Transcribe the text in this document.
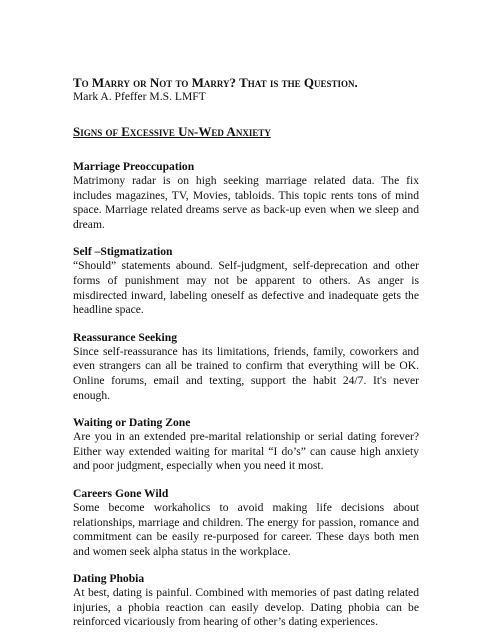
To Marry or Not to Marry? That is the Question.

Mark A. Pfeffer M.S. LMFT

Signs of Excessive Un-Wed Anxiety
Marriage Preoccupation

Matrimony radar is on high seeking marriage related data. The fix includes magazines, TV, Movies, tabloids. This topic rents tons of mind space. Marriage related dreams serve as back-up even when we sleep and dream.

Self –Stigmatization

“Should” statements abound. Self-judgment, self-deprecation and other forms of punishment may not be apparent to others. As anger is misdirected inward, labeling oneself as defective and inadequate gets the headline space.

Reassurance Seeking

Since self-reassurance has its limitations, friends, family, coworkers and even strangers can all be trained to confirm that everything will be OK. Online forums, email and texting, support the habit 24/7. It's never enough.

Waiting or Dating Zone

Are you in an extended pre-marital relationship or serial dating forever? Either way extended waiting for marital “I do’s” can cause high anxiety and poor judgment, especially when you need it most.

Careers Gone Wild

Some become workaholics to avoid making life decisions about relationships, marriage and children. The energy for passion, romance and commitment can be easily re-purposed for career. These days both men and women seek alpha status in the workplace.

Dating Phobia

At best, dating is painful. Combined with memories of past dating related injuries, a phobia reaction can easily develop. Dating phobia can be reinforced vicariously from hearing of other’s dating experiences.
